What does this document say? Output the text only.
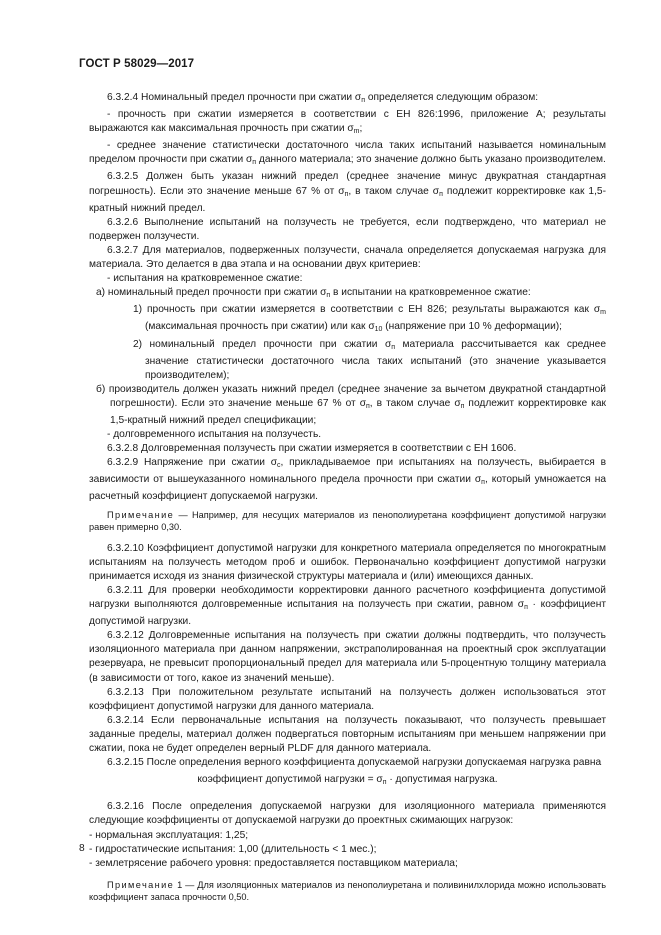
ГОСТ Р 58029—2017

6.3.2.4 Номинальный предел прочности при сжатии $\sigma_п$ определяется следующим образом:

- прочность при сжатии измеряется в соответствии с ЕН 826:1996, приложение А; результаты выражаются как максимальная прочность при сжатии $\sigma_m$;

- среднее значение статистически достаточного числа таких испытаний называется номинальным пределом прочности при сжатии $\sigma_п$ данного материала; это значение должно быть указано производителем.

6.3.2.5 Должен быть указан нижний предел (среднее значение минус двукратная стандартная погрешность). Если это значение меньше 67 % от $\sigma_п$, в таком случае $\sigma_п$ подлежит корректировке как 1,5-кратный нижний предел.

6.3.2.6 Выполнение испытаний на ползучесть не требуется, если подтверждено, что материал не подвержен ползучести.

6.3.2.7 Для материалов, подверженных ползучести, сначала определяется допускаемая нагрузка для материала. Это делается в два этапа и на основании двух критериев:

- испытания на кратковременное сжатие:

а) номинальный предел прочности при сжатии $\sigma_п$ в испытании на кратковременное сжатие:

1) прочность при сжатии измеряется в соответствии с ЕН 826; результаты выражаются как $\sigma_m$ (максимальная прочность при сжатии) или как $\sigma_{10}$ (напряжение при 10 % деформации);

2) номинальный предел прочности при сжатии $\sigma_п$ материала рассчитывается как среднее значение статистически достаточного числа таких испытаний (это значение указывается производителем);

б) производитель должен указать нижний предел (среднее значение за вычетом двукратной стандартной погрешности). Если это значение меньше 67 % от $\sigma_п$, в таком случае $\sigma_п$ подлежит корректировке как 1,5-кратный нижний предел спецификации;

- долговременного испытания на ползучесть.

6.3.2.8 Долговременная ползучесть при сжатии измеряется в соответствии с ЕН 1606.

6.3.2.9 Напряжение при сжатии $\sigma_c$, прикладываемое при испытаниях на ползучесть, выбирается в зависимости от вышеуказанного номинального предела прочности при сжатии $\sigma_п$, который умножается на расчетный коэффициент допускаемой нагрузки.

Примечание — Например, для несущих материалов из пенополиуретана коэффициент допустимой нагрузки равен примерно 0,30.

6.3.2.10 Коэффициент допустимой нагрузки для конкретного материала определяется по многократным испытаниям на ползучесть методом проб и ошибок. Первоначально коэффициент допустимой нагрузки принимается исходя из знания физической структуры материала и (или) имеющихся данных.

6.3.2.11 Для проверки необходимости корректировки данного расчетного коэффициента допустимой нагрузки выполняются долговременные испытания на ползучесть при сжатии, равном $\sigma_п$ · коэффициент допустимой нагрузки.

6.3.2.12 Долговременные испытания на ползучесть при сжатии должны подтвердить, что ползучесть изоляционного материала при данном напряжении, экстраполированная на проектный срок эксплуатации резервуара, не превысит пропорциональный предел для материала или 5-процентную толщину материала (в зависимости от того, какое из значений меньше).

6.3.2.13 При положительном результате испытаний на ползучесть должен использоваться этот коэффициент допустимой нагрузки для данного материала.

6.3.2.14 Если первоначальные испытания на ползучесть показывают, что ползучесть превышает заданные пределы, материал должен подвергаться повторным испытаниям при меньшем напряжении при сжатии, пока не будет определен верный PLDF для данного материала.

6.3.2.15 После определения верного коэффициента допускаемой нагрузки допускаемая нагрузка равна

коэффициент допустимой нагрузки = $\sigma_п$ · допустимая нагрузка.

6.3.2.16 После определения допускаемой нагрузки для изоляционного материала применяются следующие коэффициенты от допускаемой нагрузки до проектных сжимающих нагрузок:

- нормальная эксплуатация: 1,25;

- гидростатические испытания: 1,00 (длительность < 1 мес.);

- землетрясение рабочего уровня: предоставляется поставщиком материала;

Примечание 1 — Для изоляционных материалов из пенополиуретана и поливинилхлорида можно использовать коэффициент запаса прочности 0,50.

8
